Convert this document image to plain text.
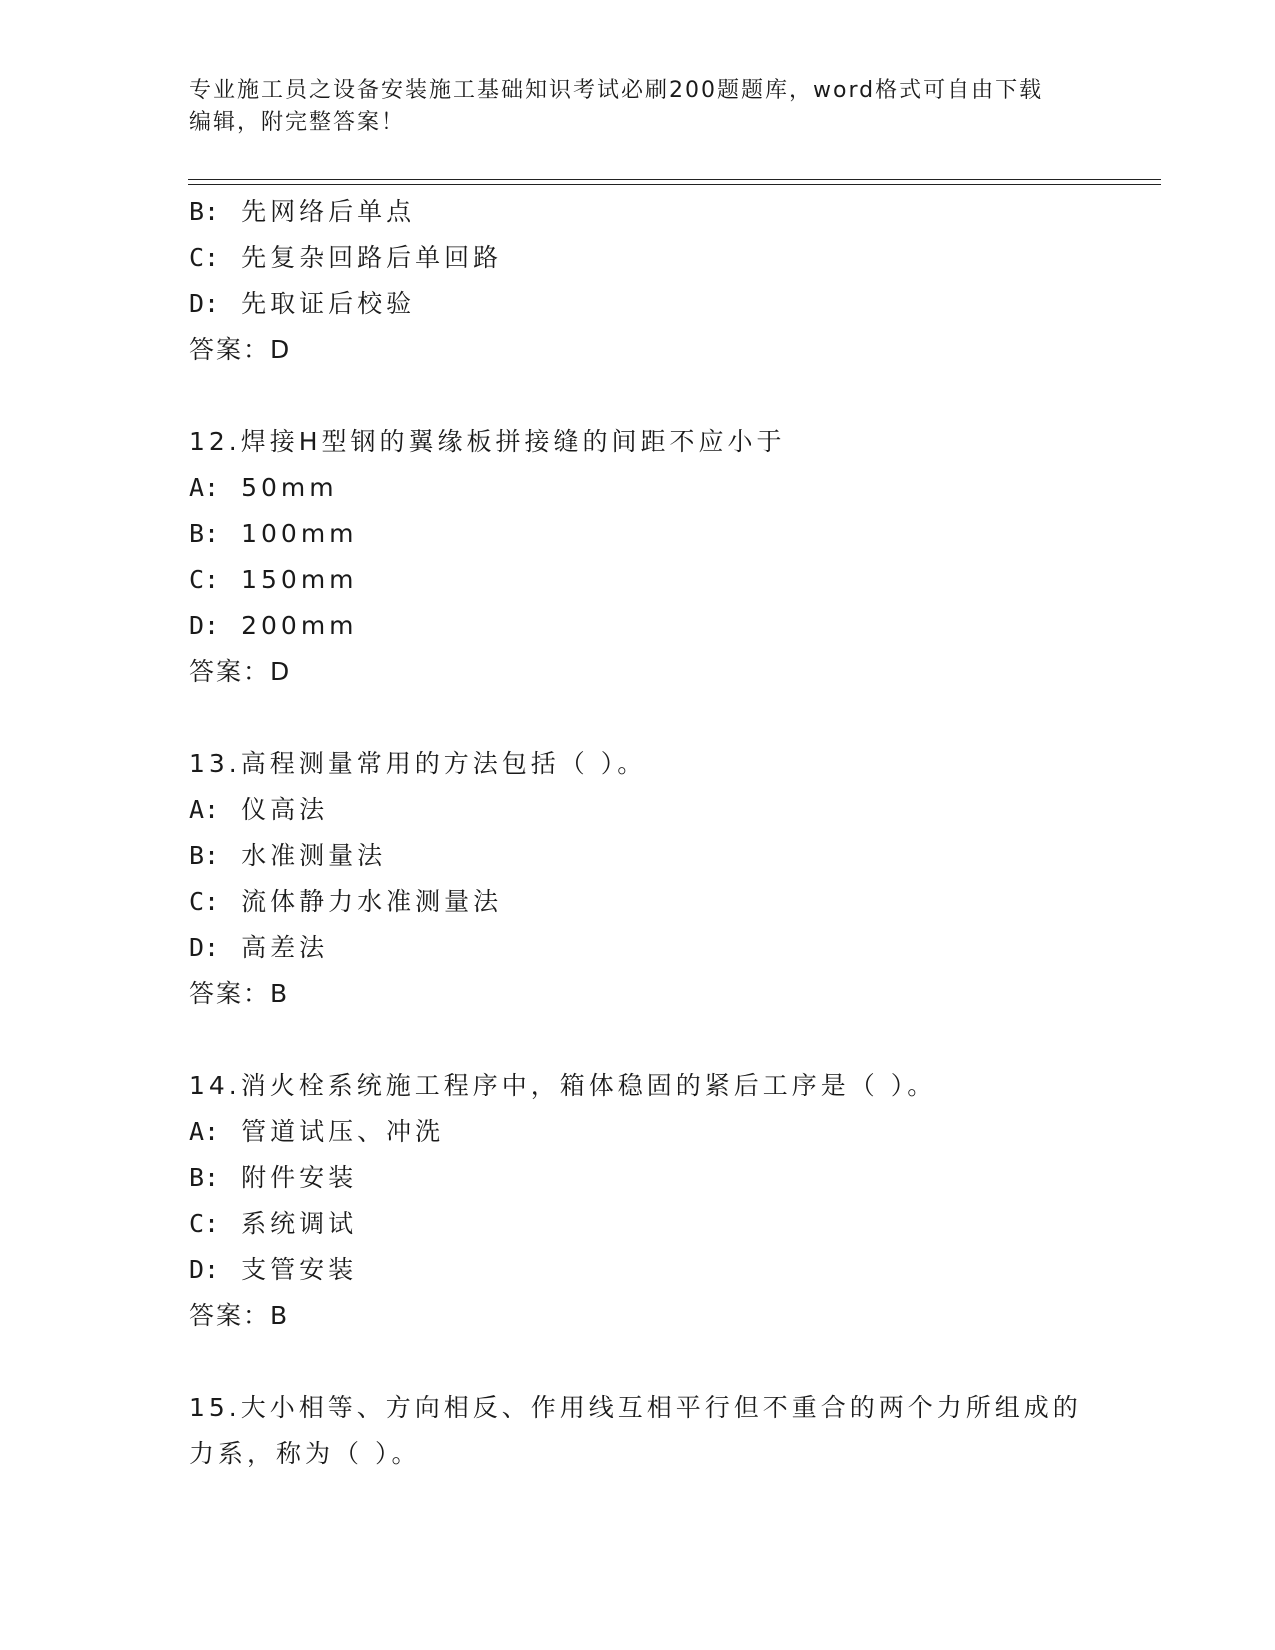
专业施工员之设备安装施工基础知识考试必刷200题题库，word格式可自由下载
编辑，附完整答案！
B: 先网络后单点
C: 先复杂回路后单回路
D: 先取证后校验
答案：D
12.焊接H型钢的翼缘板拼接缝的间距不应小于
A: 50mm
B: 100mm
C: 150mm
D: 200mm
答案：D
13.高程测量常用的方法包括（ ）。
A: 仪高法
B: 水准测量法
C: 流体静力水准测量法
D: 高差法
答案：B
14.消火栓系统施工程序中，箱体稳固的紧后工序是（ ）。
A: 管道试压、冲洗
B: 附件安装
C: 系统调试
D: 支管安装
答案：B
15.大小相等、方向相反、作用线互相平行但不重合的两个力所组成的
力系，称为（ ）。
